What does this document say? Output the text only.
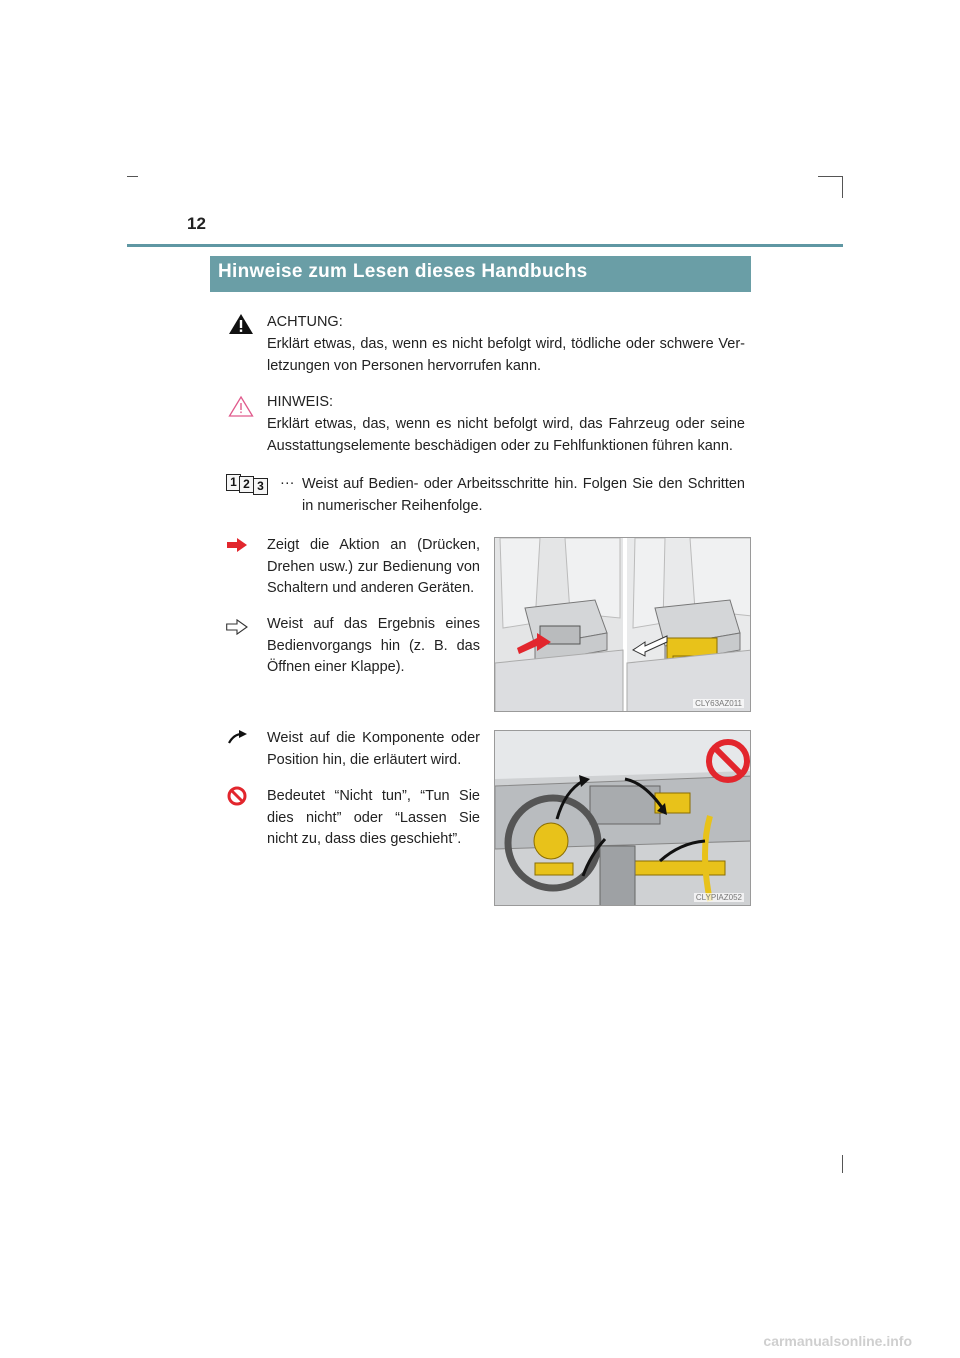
12
Hinweise zum Lesen dieses Handbuchs
ACHTUNG:
Erklärt etwas, das, wenn es nicht befolgt wird, tödliche oder schwere Ver-letzungen von Personen hervorrufen kann.
HINWEIS:
Erklärt etwas, das, wenn es nicht befolgt wird, das Fahrzeug oder seine Ausstattungselemente beschädigen oder zu Fehlfunktionen führen kann.
1 2 3 ··· Weist auf Bedien- oder Arbeitsschritte hin. Folgen Sie den Schritten in numerischer Reihenfolge.
Zeigt die Aktion an (Drücken, Drehen usw.) zur Bedienung von Schaltern und anderen Geräten.
Weist auf das Ergebnis eines Bedienvorgangs hin (z. B. das Öffnen einer Klappe).
Weist auf die Komponente oder Position hin, die erläutert wird.
Bedeutet “Nicht tun”, “Tun Sie dies nicht” oder “Lassen Sie nicht zu, dass dies geschieht”.
CLY63AZ011
CLYPIAZ052
carmanualsonline.info
